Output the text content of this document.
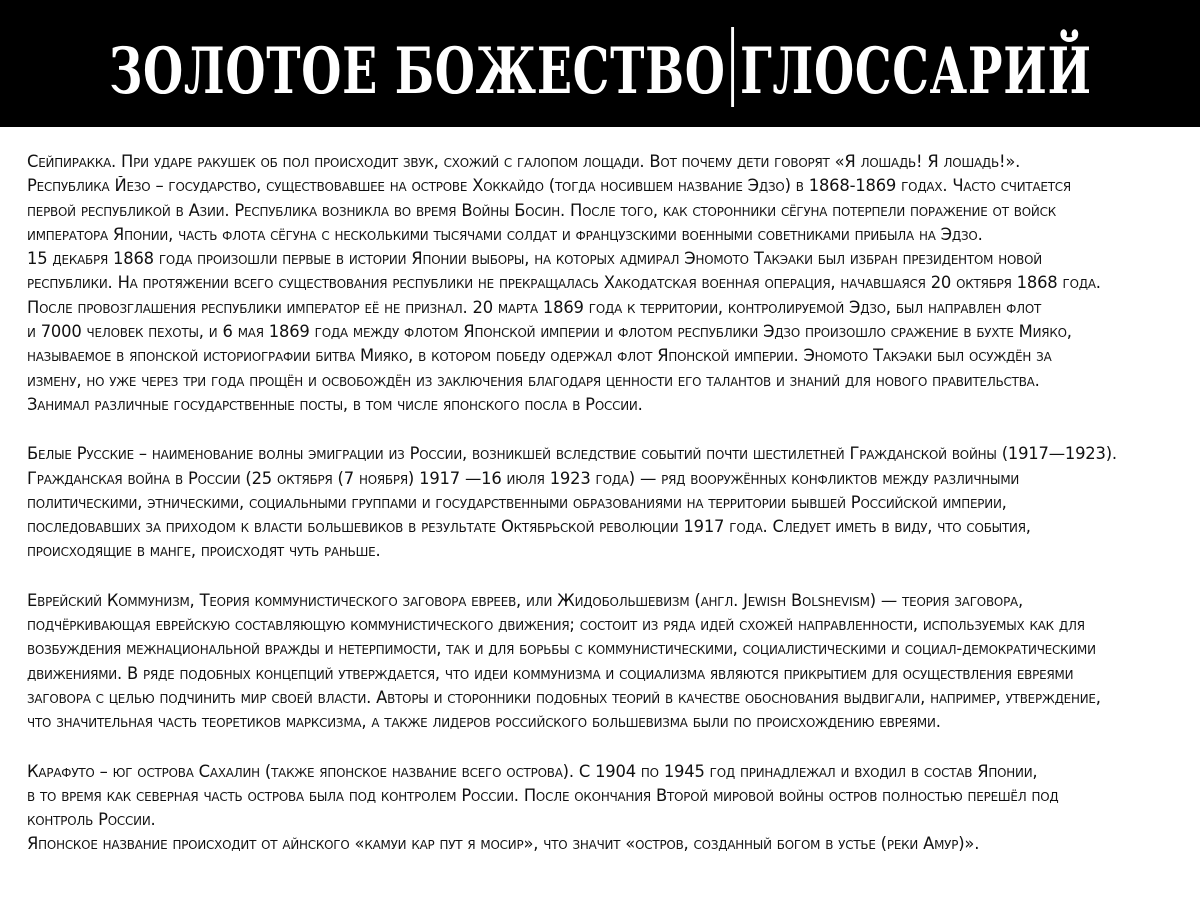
ЗОЛОТОЕ БОЖЕСТВО ГЛОССАРИЙ
Сейпиракка. При ударе ракушек об пол происходит звук, схожий с галопом лощади. Вот почему дети говорят «Я лошадь! Я лошадь!».
Республика Йезо – государство, существовавшее на острове Хоккайдо (тогда носившем название Эдзо) в 1868-1869 годах. Часто считается
первой республикой в Азии. Республика возникла во время Войны Босин. После того, как сторонники сёгуна потерпели поражение от войск
императора Японии, часть флота сёгуна с несколькими тысячами солдат и французскими военными советниками прибыла на Эдзо.
15 декабря 1868 года произошли первые в истории Японии выборы, на которых адмирал Эномото Такэаки был избран президентом новой
республики. На протяжении всего существования республики не прекращалась Хакодатская военная операция, начавшаяся 20 октября 1868 года.
После провозглашения республики император её не признал. 20 марта 1869 года к территории, контролируемой Эдзо, был направлен флот
и 7000 человек пехоты, и 6 мая 1869 года между флотом Японской империи и флотом республики Эдзо произошло сражение в бухте Мияко,
называемое в японской историографии битва Мияко, в котором победу одержал флот Японской империи. Эномото Такэаки был осуждён за
измену, но уже через три года прощён и освобождён из заключения благодаря ценности его талантов и знаний для нового правительства.
Занимал различные государственные посты, в том числе японского посла в России.
Белые Русские – наименование волны эмиграции из России, возникшей вследствие событий почти шестилетней Гражданской войны (1917—1923).
Гражданская война в России (25 октября (7 ноября) 1917 —16 июля 1923 года) — ряд вооружённых конфликтов между различными
политическими, этническими, социальными группами и государственными образованиями на территории бывшей Российской империи,
последовавших за приходом к власти большевиков в результате Октябрьской революции 1917 года. Следует иметь в виду, что события,
происходящие в манге, происходят чуть раньше.
Еврейский Коммунизм, Теория коммунистического заговора евреев, или Жидобольшевизм (англ. Jewish Bolshevism) — теория заговора,
подчёркивающая еврейскую составляющую коммунистического движения; состоит из ряда идей схожей направленности, используемых как для
возбуждения межнациональной вражды и нетерпимости, так и для борьбы с коммунистическими, социалистическими и социал-демократическими
движениями. В ряде подобных концепций утверждается, что идеи коммунизма и социализма являются прикрытием для осуществления евреями
заговора с целью подчинить мир своей власти. Авторы и сторонники подобных теорий в качестве обоснования выдвигали, например, утверждение,
что значительная часть теоретиков марксизма, а также лидеров российского большевизма были по происхождению евреями.
Карафуто – юг острова Сахалин (также японское название всего острова). С 1904 по 1945 год принадлежал и входил в состав Японии,
в то время как северная часть острова была под контролем России. После окончания Второй мировой войны остров полностью перешёл под
контроль России.
Японское название происходит от айнского «камуи кар пут я мосир», что значит «остров, созданный богом в устье (реки Амур)».
